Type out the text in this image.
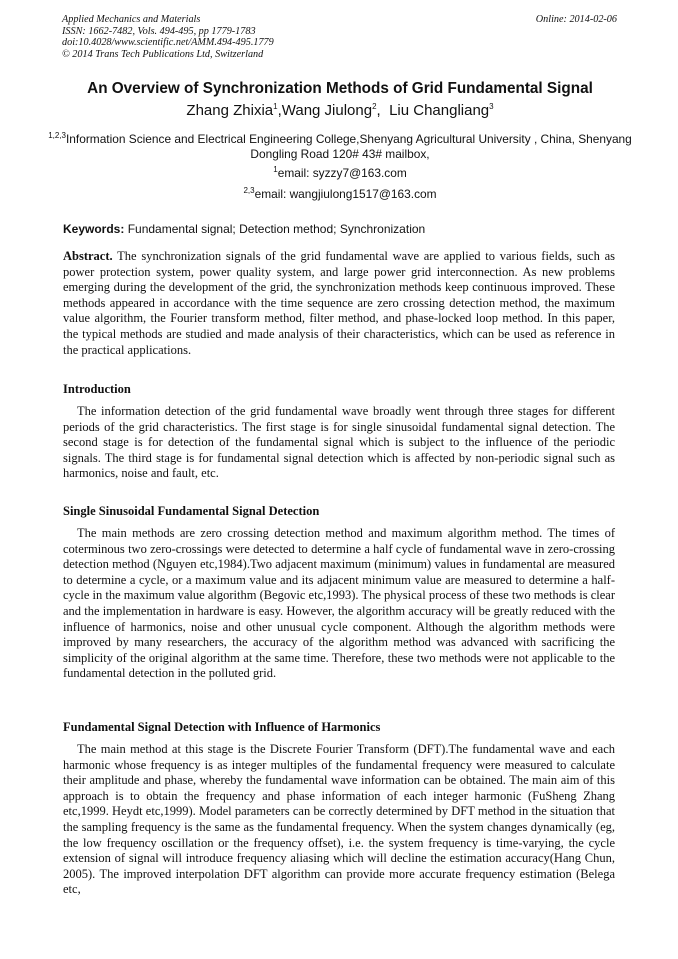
Applied Mechanics and Materials
ISSN: 1662-7482, Vols. 494-495, pp 1779-1783
doi:10.4028/www.scientific.net/AMM.494-495.1779
© 2014 Trans Tech Publications Ltd, Switzerland
Online: 2014-02-06
An Overview of Synchronization Methods of Grid Fundamental Signal
Zhang Zhixia$^1$,Wang Jiulong$^2$,  Liu Changliang$^3$
$^{1,2,3}$Information Science and Electrical Engineering College,Shenyang Agricultural University , China, Shenyang Dongling Road 120# 43# mailbox,
$^1$email: syzzy7@163.com
$^{2,3}$email: wangjiulong1517@163.com
Keywords: Fundamental signal; Detection method; Synchronization
Abstract. The synchronization signals of the grid fundamental wave are applied to various fields, such as power protection system, power quality system, and large power grid interconnection. As new problems emerging during the development of the grid, the synchronization methods keep continuous improved. These methods appeared in accordance with the time sequence are zero crossing detection method, the maximum value algorithm, the Fourier transform method, filter method, and phase-locked loop method. In this paper, the typical methods are studied and made analysis of their characteristics, which can be used as reference in the practical applications.
Introduction
The information detection of the grid fundamental wave broadly went through three stages for different periods of the grid characteristics. The first stage is for single sinusoidal fundamental signal detection. The second stage is for detection of the fundamental signal which is subject to the influence of the periodic signals. The third stage is for fundamental signal detection which is affected by non-periodic signal such as harmonics, noise and fault, etc.
Single Sinusoidal Fundamental Signal Detection
The main methods are zero crossing detection method and maximum algorithm method. The times of coterminous two zero-crossings were detected to determine a half cycle of fundamental wave in zero-crossing detection method (Nguyen etc,1984).Two adjacent maximum (minimum) values in fundamental are measured to determine a cycle, or a maximum value and its adjacent minimum value are measured to determine a half-cycle in the maximum value algorithm (Begovic etc,1993). The physical process of these two methods is clear and the implementation in hardware is easy. However, the algorithm accuracy will be greatly reduced with the influence of harmonics, noise and other unusual cycle component. Although the algorithm methods were improved by many researchers, the accuracy of the algorithm method was advanced with sacrificing the simplicity of the original algorithm at the same time. Therefore, these two methods were not applicable to the fundamental detection in the polluted grid.
Fundamental Signal Detection with Influence of Harmonics
The main method at this stage is the Discrete Fourier Transform (DFT).The fundamental wave and each harmonic whose frequency is as integer multiples of the fundamental frequency were measured to calculate their amplitude and phase, whereby the fundamental wave information can be obtained. The main aim of this approach is to obtain the frequency and phase information of each integer harmonic (FuSheng Zhang etc,1999. Heydt etc,1999). Model parameters can be correctly determined by DFT method in the situation that the sampling frequency is the same as the fundamental frequency. When the system changes dynamically (eg, the low frequency oscillation or the frequency offset), i.e. the system frequency is time-varying, the cycle extension of signal will introduce frequency aliasing which will decline the estimation accuracy(Hang Chun, 2005). The improved interpolation DFT algorithm can provide more accurate frequency estimation (Belega etc,
